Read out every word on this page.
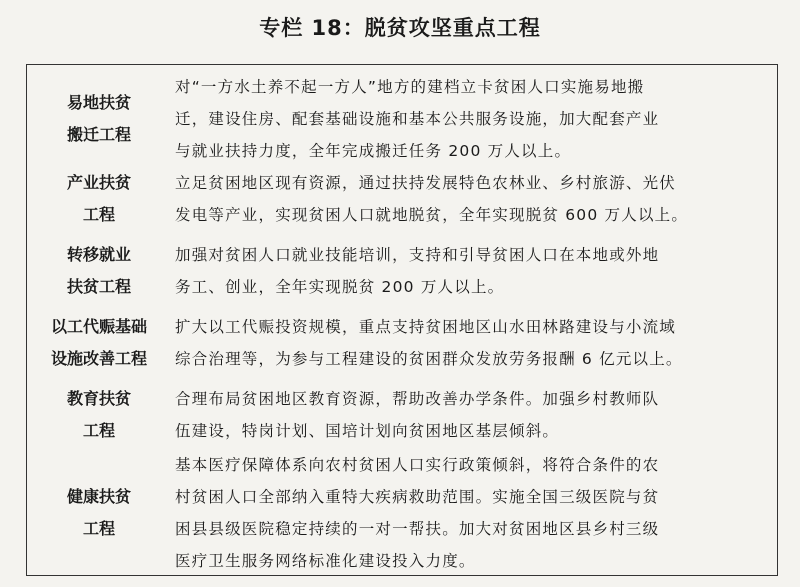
专栏 18：脱贫攻坚重点工程
易地扶贫
搬迁工程
对“一方水土养不起一方人”地方的建档立卡贫困人口实施易地搬
迁，建设住房、配套基础设施和基本公共服务设施，加大配套产业
与就业扶持力度，全年完成搬迁任务 200 万人以上。
产业扶贫
工程
立足贫困地区现有资源，通过扶持发展特色农林业、乡村旅游、光伏
发电等产业，实现贫困人口就地脱贫，全年实现脱贫 600 万人以上。
转移就业
扶贫工程
加强对贫困人口就业技能培训，支持和引导贫困人口在本地或外地
务工、创业，全年实现脱贫 200 万人以上。
以工代赈基础
设施改善工程
扩大以工代赈投资规模，重点支持贫困地区山水田林路建设与小流域
综合治理等，为参与工程建设的贫困群众发放劳务报酬 6 亿元以上。
教育扶贫
工程
合理布局贫困地区教育资源，帮助改善办学条件。加强乡村教师队
伍建设，特岗计划、国培计划向贫困地区基层倾斜。
健康扶贫
工程
基本医疗保障体系向农村贫困人口实行政策倾斜，将符合条件的农
村贫困人口全部纳入重特大疾病救助范围。实施全国三级医院与贫
困县县级医院稳定持续的一对一帮扶。加大对贫困地区县乡村三级
医疗卫生服务网络标准化建设投入力度。
